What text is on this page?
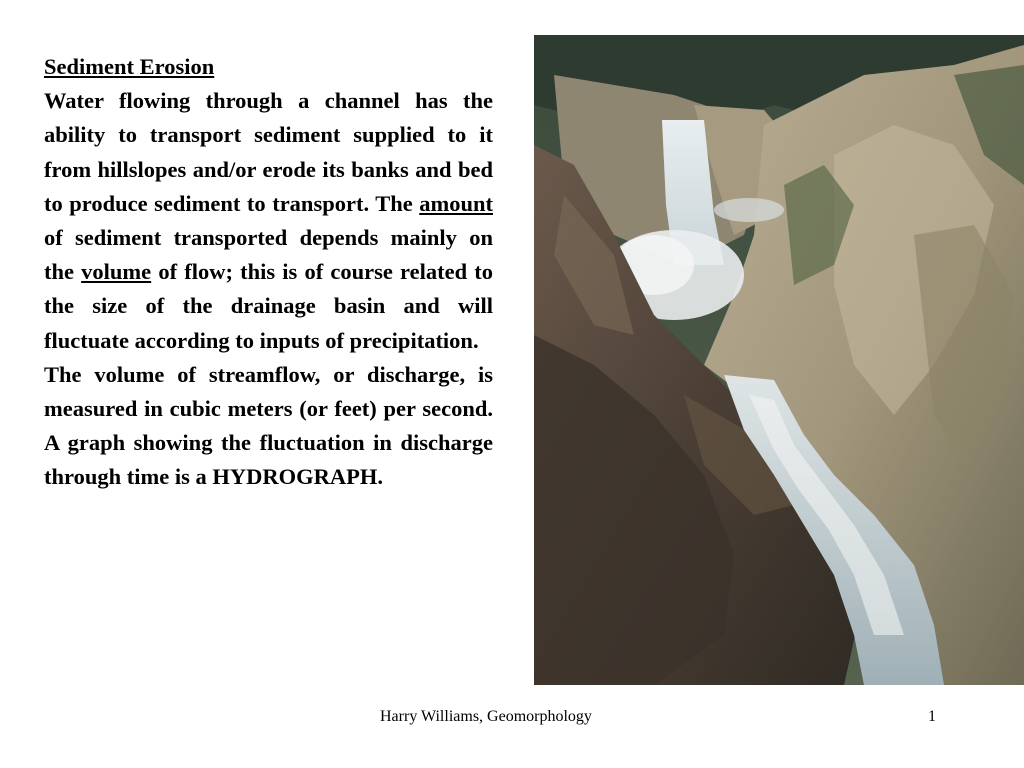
Sediment Erosion

Water flowing through a channel has the ability to transport sediment supplied to it from hillslopes and/or erode its banks and bed to produce sediment to transport. The amount of sediment transported depends mainly on the volume of flow; this is of course related to the size of the drainage basin and will fluctuate according to inputs of precipitation.

The volume of streamflow, or discharge, is measured in cubic meters (or feet) per second. A graph showing the fluctuation in discharge through time is a HYDROGRAPH.

Harry Williams, Geomorphology	1
